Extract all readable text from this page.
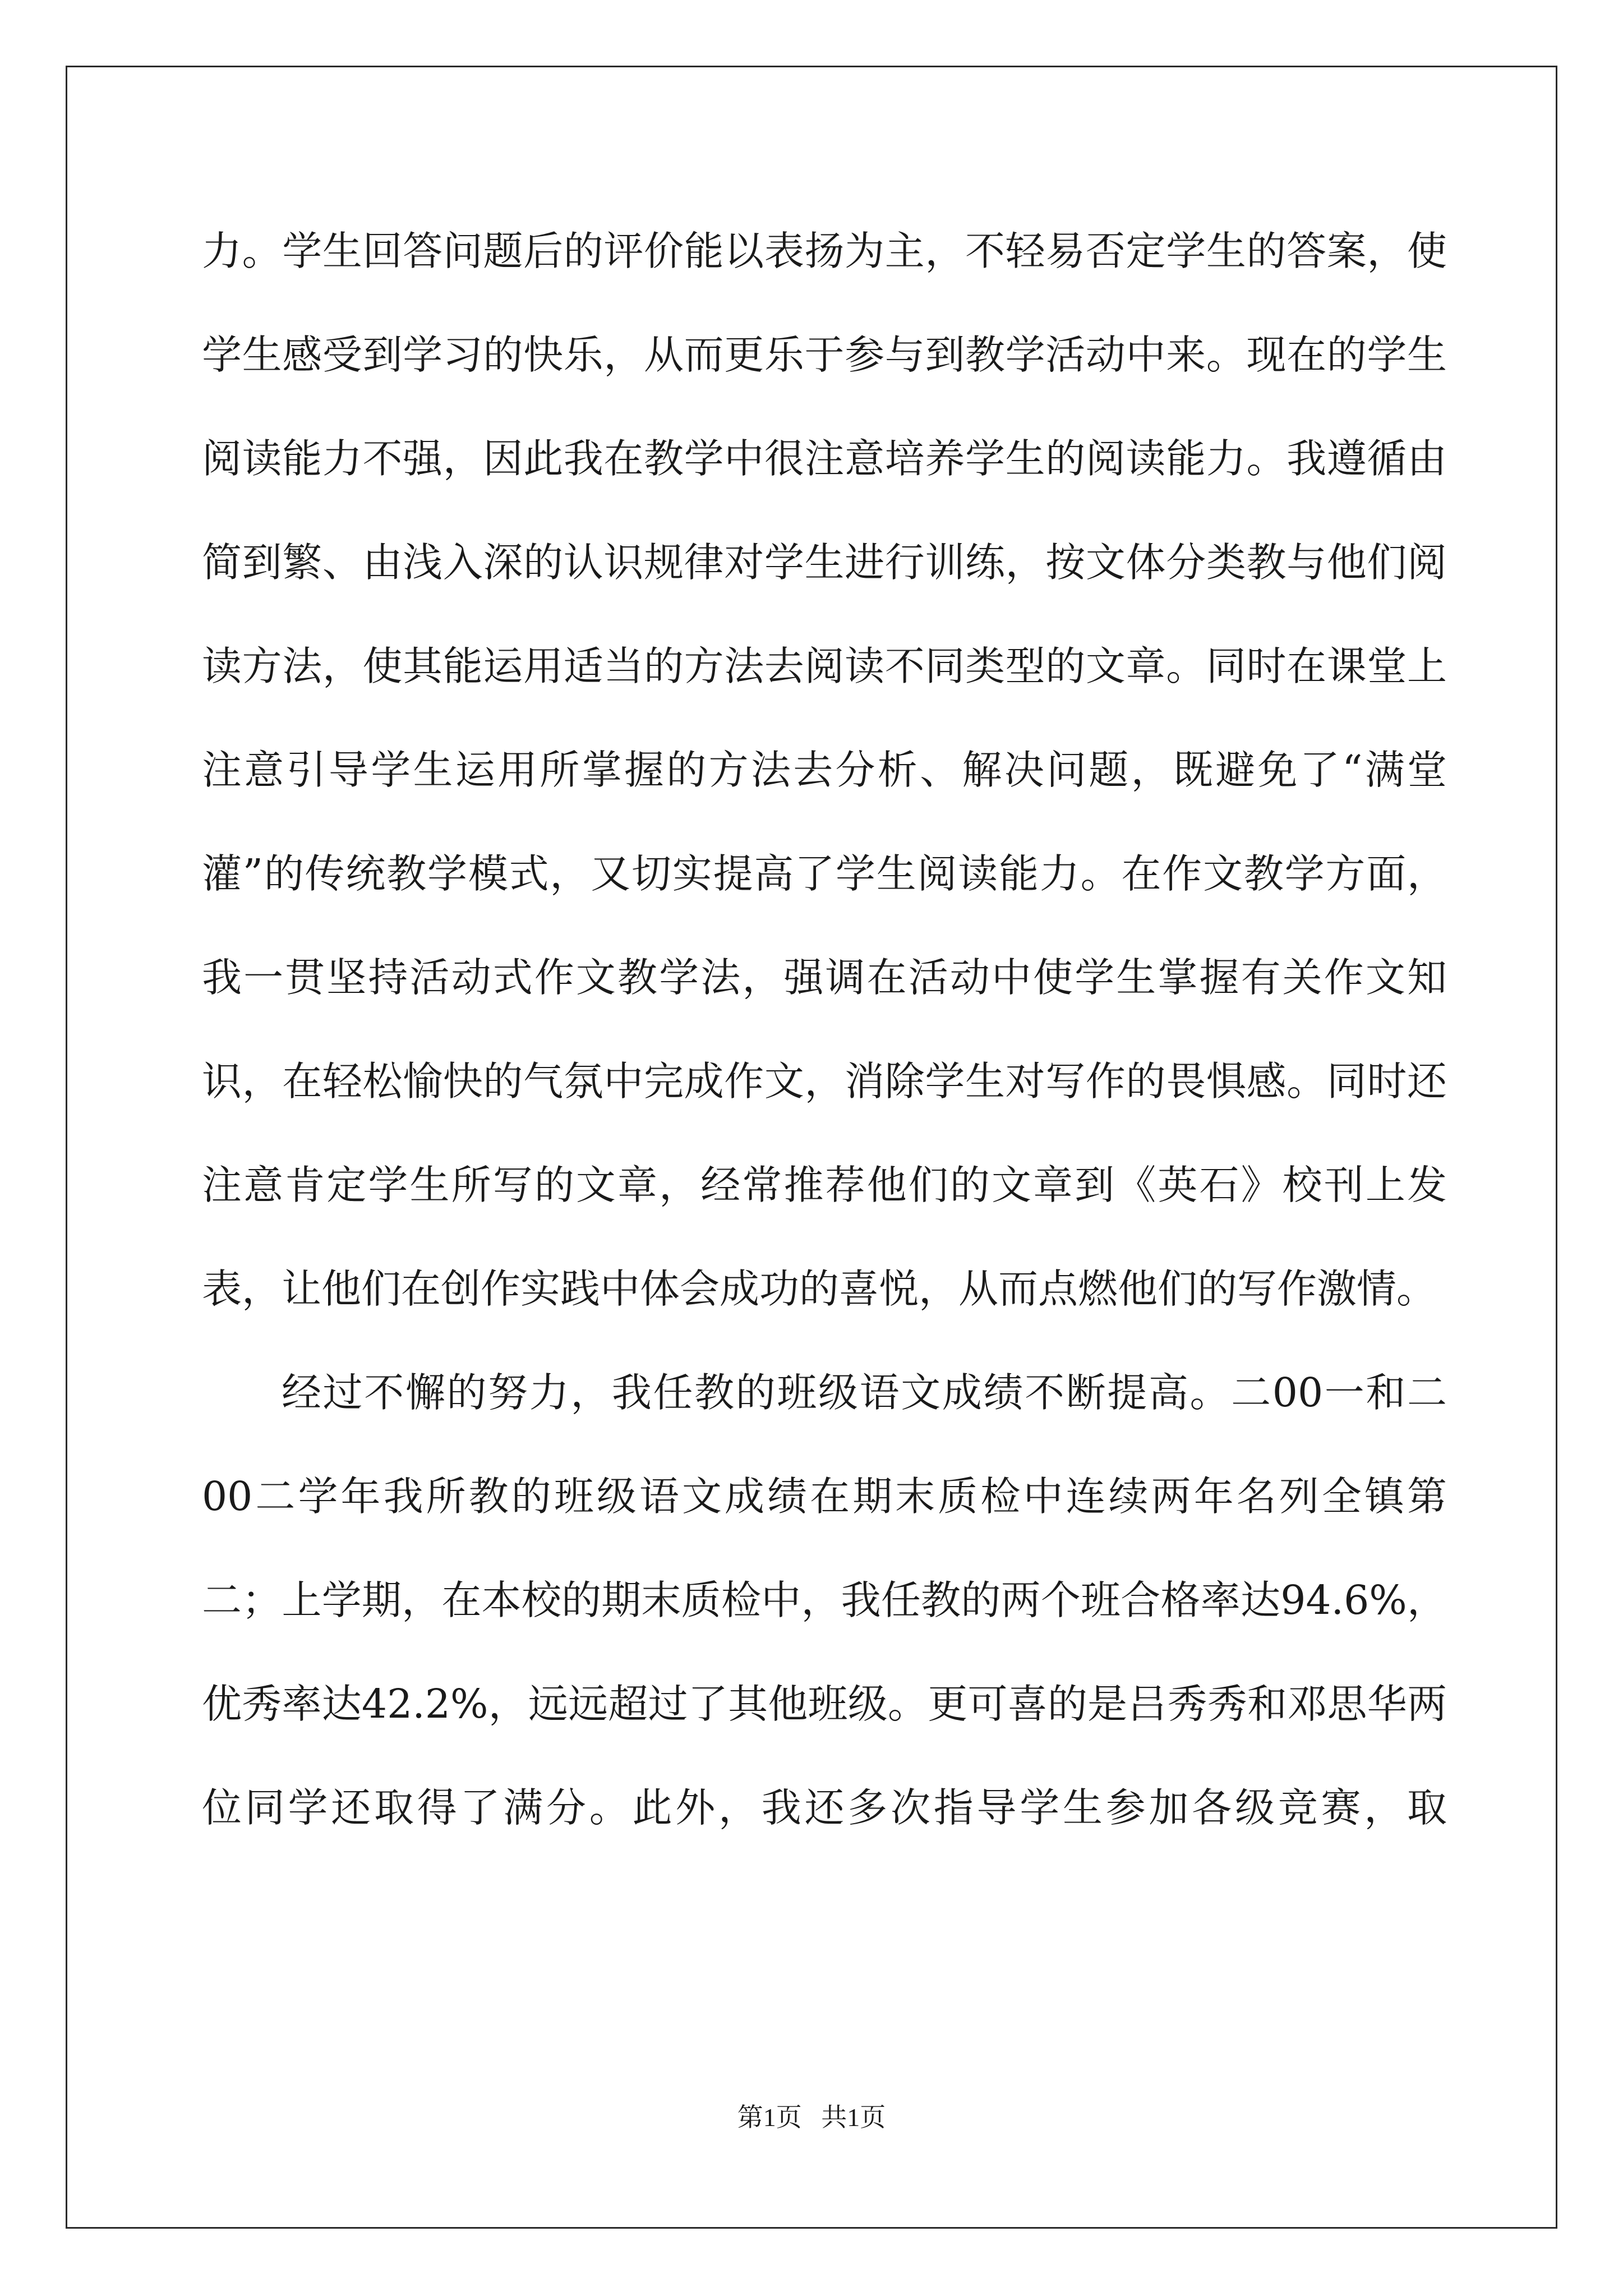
力。学生回答问题后的评价能以表扬为主，不轻易否定学生的答案，使学生感受到学习的快乐，从而更乐于参与到教学活动中来。现在的学生阅读能力不强，因此我在教学中很注意培养学生的阅读能力。我遵循由简到繁、由浅入深的认识规律对学生进行训练，按文体分类教与他们阅读方法，使其能运用适当的方法去阅读不同类型的文章。同时在课堂上注意引导学生运用所掌握的方法去分析、解决问题，既避免了“满堂灌”的传统教学模式，又切实提高了学生阅读能力。在作文教学方面，我一贯坚持活动式作文教学法，强调在活动中使学生掌握有关作文知识，在轻松愉快的气氛中完成作文，消除学生对写作的畏惧感。同时还注意肯定学生所写的文章，经常推荐他们的文章到《英石》校刊上发表，让他们在创作实践中体会成功的喜悦，从而点燃他们的写作激情。

经过不懈的努力，我任教的班级语文成绩不断提高。二00一和二00二学年我所教的班级语文成绩在期末质检中连续两年名列全镇第二；上学期，在本校的期末质检中，我任教的两个班合格率达94.6%，优秀率达42.2%，远远超过了其他班级。更可喜的是吕秀秀和邓思华两位同学还取得了满分。此外，我还多次指导学生参加各级竞赛，取

第1页 共1页
